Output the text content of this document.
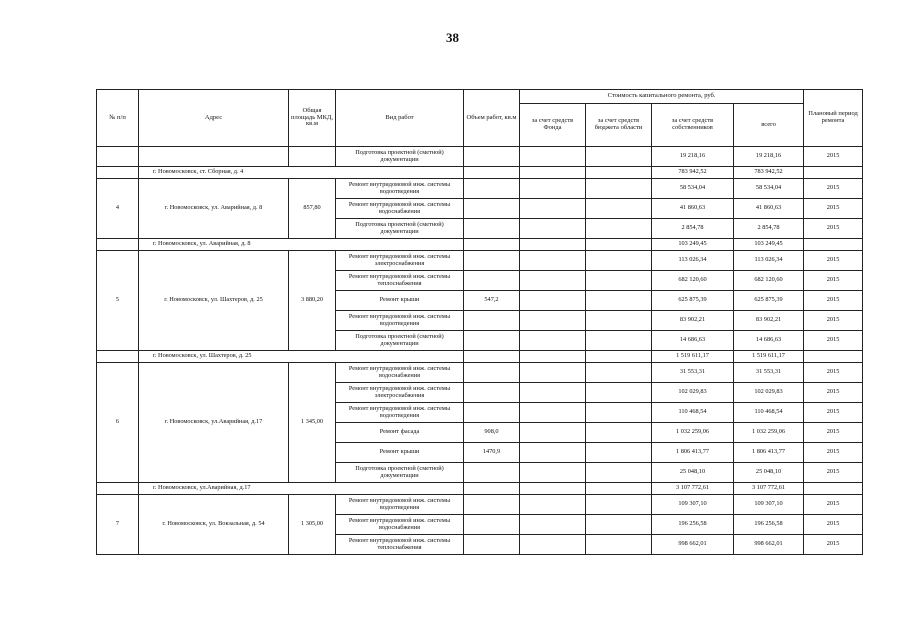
38
№ п/п	Адрес	Общая площадь МКД, кв.м	Вид работ	Объем работ, кв.м	Стоимость капитального ремонта, руб.				Плановый период ремонта
					за счет средств Фонда	за счет средств бюджета области	за счет средств собственников	всего	
			Подготовка проектной (сметной) документации				19 218,16	19 218,16	2015
	г. Новомосковск, ст. Сборная, д. 4						783 942,52	783 942,52	
4	г. Новомосковск, ул. Аварийная, д. 8	857,80	Ремонт внутридомовой инж. системы водоотведения				58 534,04	58 534,04	2015
			Ремонт внутридомовой инж. системы водоснабжения				41 860,63	41 860,63	2015
			Подготовка проектной (сметной) документации				2 854,78	2 854,78	2015
	г. Новомосковск, ул. Аварийная, д. 8						103 249,45	103 249,45	
5	г. Новомосковск, ул. Шахтеров, д. 25	3 880,20	Ремонт внутридомовой инж. системы электроснабжения				113 026,34	113 026,34	2015
			Ремонт внутридомовой инж. системы теплоснабжения				682 120,60	682 120,60	2015
			Ремонт крыши	547,2			625 875,39	625 875,39	2015
			Ремонт внутридомовой инж. системы водоотведения				83 902,21	83 902,21	2015
			Подготовка проектной (сметной) документации				14 686,63	14 686,63	2015
	г. Новомосковск, ул. Шахтеров, д. 25						1 519 611,17	1 519 611,17	
6	г. Новомосковск, ул.Аварийная, д.17	1 345,00	Ремонт внутридомовой инж. системы водоснабжения				31 553,31	31 553,31	2015
			Ремонт внутридомовой инж. системы электроснабжения				102 029,83	102 029,83	2015
			Ремонт внутридомовой инж. системы водоотведения				110 468,54	110 468,54	2015
			Ремонт фасада	908,0			1 032 259,06	1 032 259,06	2015
			Ремонт крыши	1470,9			1 806 413,77	1 806 413,77	2015
			Подготовка проектной (сметной) документации				25 048,10	25 048,10	2015
	г. Новомосковск, ул.Аварийная, д.17						3 107 772,61	3 107 772,61	
7	г. Новомосковск, ул. Вокзальная, д. 54	1 305,00	Ремонт внутридомовой инж. системы водоотведения				109 307,10	109 307,10	2015
			Ремонт внутридомовой инж. системы водоснабжения				196 256,58	196 256,58	2015
			Ремонт внутридомовой инж. системы теплоснабжения				998 662,01	998 662,01	2015
